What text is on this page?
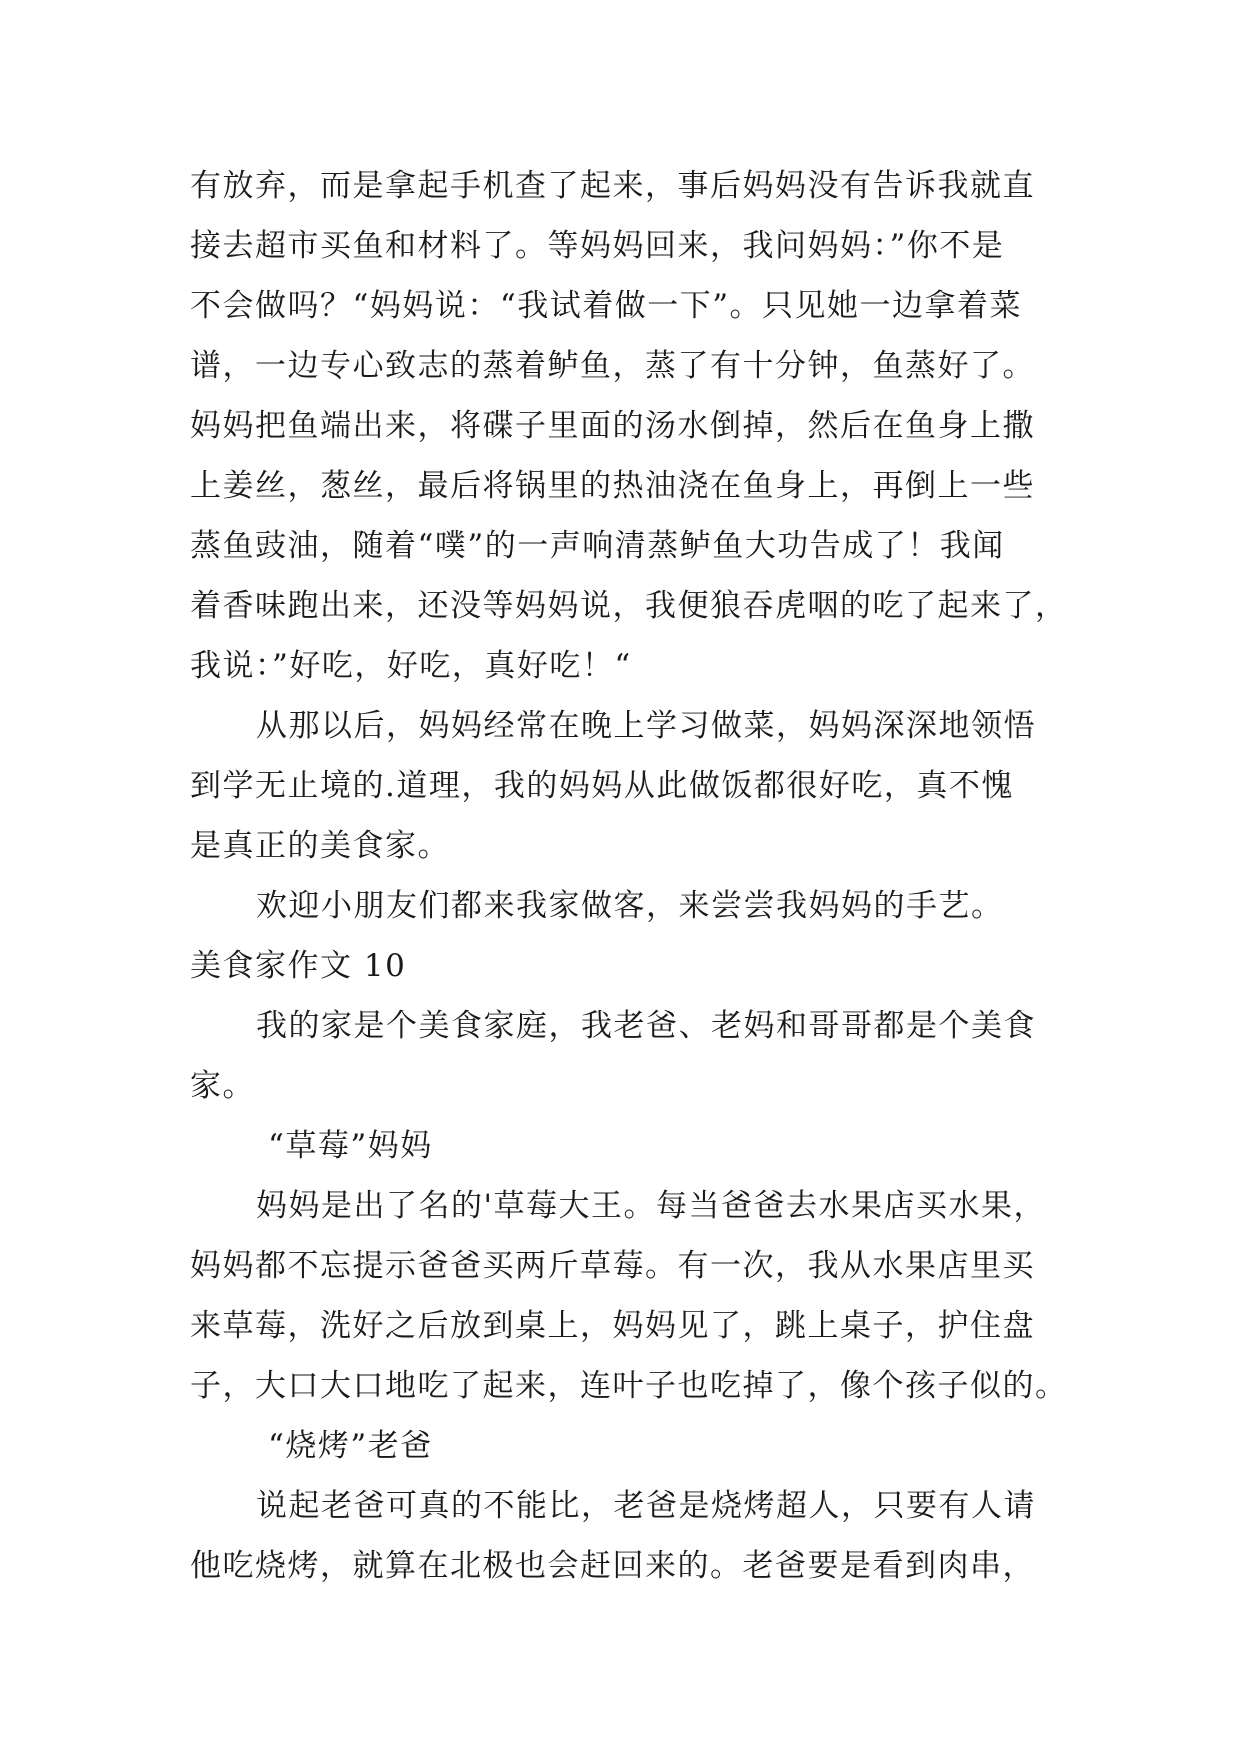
有放弃，而是拿起手机查了起来，事后妈妈没有告诉我就直
接去超市买鱼和材料了。等妈妈回来，我问妈妈：”你不是
不会做吗？“妈妈说：“我试着做一下”。只见她一边拿着菜
谱，一边专心致志的蒸着鲈鱼，蒸了有十分钟，鱼蒸好了。
妈妈把鱼端出来，将碟子里面的汤水倒掉，然后在鱼身上撒
上姜丝，葱丝，最后将锅里的热油浇在鱼身上，再倒上一些
蒸鱼豉油，随着“噗”的一声响清蒸鲈鱼大功告成了！我闻
着香味跑出来，还没等妈妈说，我便狼吞虎咽的吃了起来了，
我说：”好吃，好吃，真好吃！“
从那以后，妈妈经常在晚上学习做菜，妈妈深深地领悟
到学无止境的.道理，我的妈妈从此做饭都很好吃，真不愧
是真正的美食家。
欢迎小朋友们都来我家做客，来尝尝我妈妈的手艺。
美食家作文 10
我的家是个美食家庭，我老爸、老妈和哥哥都是个美食
家。
“草莓”妈妈
妈妈是出了名的'草莓大王。每当爸爸去水果店买水果，
妈妈都不忘提示爸爸买两斤草莓。有一次，我从水果店里买
来草莓，洗好之后放到桌上，妈妈见了，跳上桌子，护住盘
子，大口大口地吃了起来，连叶子也吃掉了，像个孩子似的。
“烧烤”老爸
说起老爸可真的不能比，老爸是烧烤超人，只要有人请
他吃烧烤，就算在北极也会赶回来的。老爸要是看到肉串，
